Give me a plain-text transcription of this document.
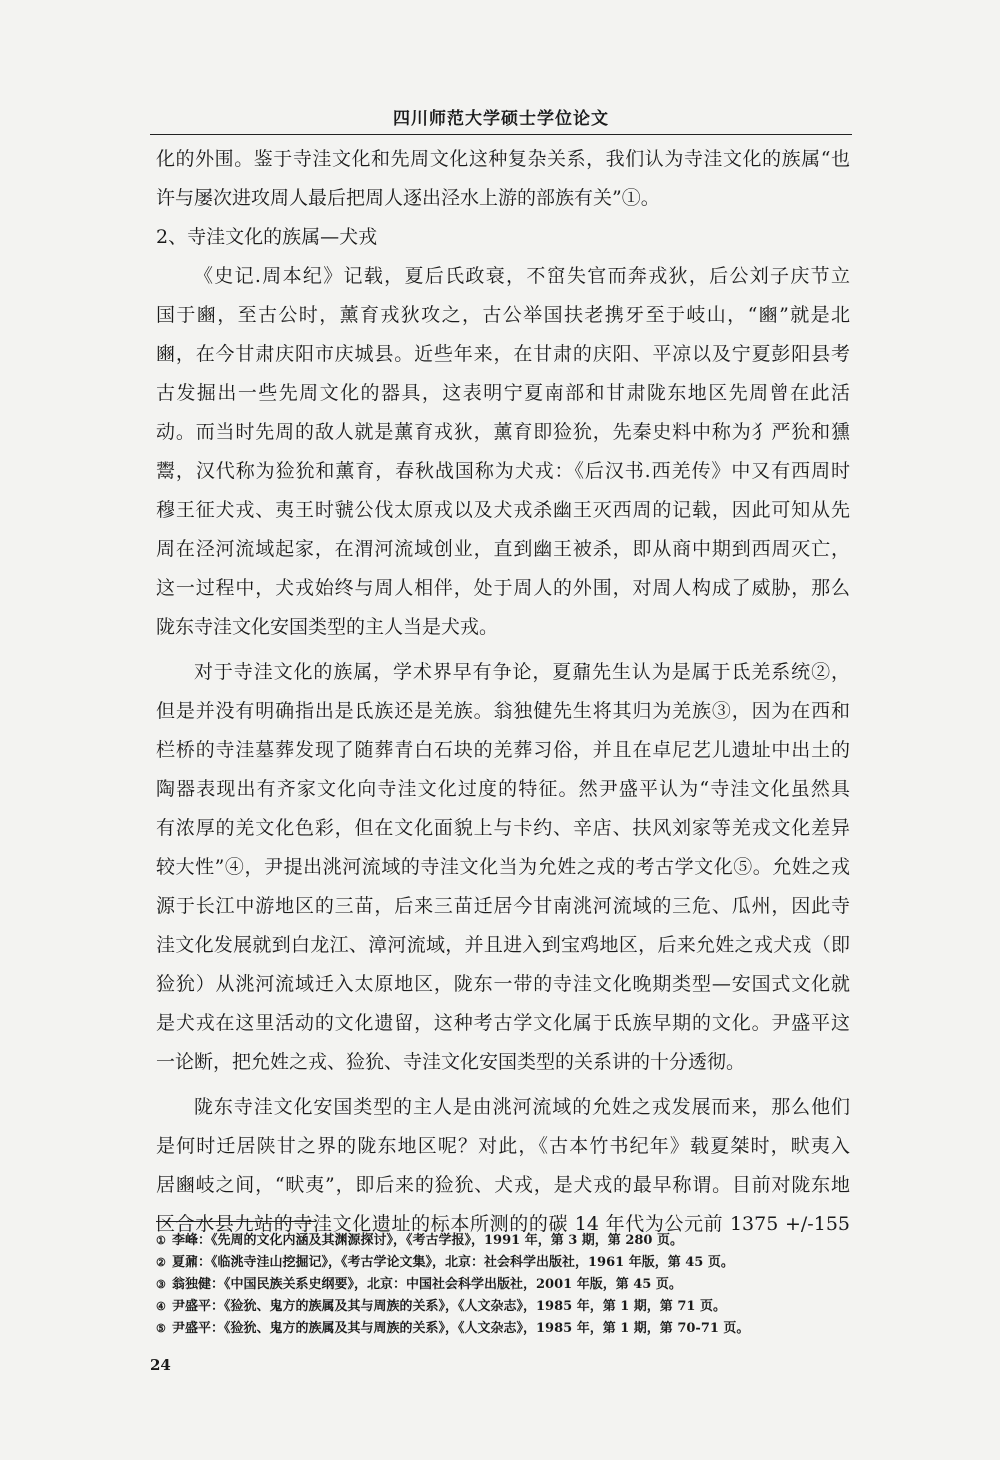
四川师范大学硕士学位论文
化的外围。鉴于寺洼文化和先周文化这种复杂关系，我们认为寺洼文化的族属“也
许与屡次进攻周人最后把周人逐出泾水上游的部族有关”①。
2、寺洼文化的族属—犬戎
《史记.周本纪》记载，夏后氏政衰，不窋失官而奔戎狄，后公刘子庆节立
国于豳，至古公时，薰育戎狄攻之，古公举国扶老携牙至于岐山，“豳”就是北
豳，在今甘肃庆阳市庆城县。近些年来，在甘肃的庆阳、平凉以及宁夏彭阳县考
古发掘出一些先周文化的器具，这表明宁夏南部和甘肃陇东地区先周曾在此活
动。而当时先周的敌人就是薰育戎狄，薰育即猃狁，先秦史料中称为犭严狁和獯
鬻，汉代称为猃狁和薰育，春秋战国称为犬戎：《后汉书.西羌传》中又有西周时
穆王征犬戎、夷王时虢公伐太原戎以及犬戎杀幽王灭西周的记载，因此可知从先
周在泾河流域起家，在渭河流域创业，直到幽王被杀，即从商中期到西周灭亡，
这一过程中，犬戎始终与周人相伴，处于周人的外围，对周人构成了威胁，那么
陇东寺洼文化安国类型的主人当是犬戎。
对于寺洼文化的族属，学术界早有争论，夏鼐先生认为是属于氐羌系统②，
但是并没有明确指出是氐族还是羌族。翁独健先生将其归为羌族③，因为在西和
栏桥的寺洼墓葬发现了随葬青白石块的羌葬习俗，并且在卓尼艺儿遗址中出土的
陶器表现出有齐家文化向寺洼文化过度的特征。然尹盛平认为“寺洼文化虽然具
有浓厚的羌文化色彩，但在文化面貌上与卡约、辛店、扶风刘家等羌戎文化差异
较大性”④，尹提出洮河流域的寺洼文化当为允姓之戎的考古学文化⑤。允姓之戎
源于长江中游地区的三苗，后来三苗迁居今甘南洮河流域的三危、瓜州，因此寺
洼文化发展就到白龙江、漳河流域，并且进入到宝鸡地区，后来允姓之戎犬戎（即
猃狁）从洮河流域迁入太原地区，陇东一带的寺洼文化晚期类型—安国式文化就
是犬戎在这里活动的文化遗留，这种考古学文化属于氐族早期的文化。尹盛平这
一论断，把允姓之戎、猃狁、寺洼文化安国类型的关系讲的十分透彻。
陇东寺洼文化安国类型的主人是由洮河流域的允姓之戎发展而来，那么他们
是何时迁居陕甘之界的陇东地区呢？对此，《古本竹书纪年》载夏桀时，畎夷入
居豳岐之间，“畎夷”，即后来的猃狁、犬戎，是犬戎的最早称谓。目前对陇东地
区合水县九站的寺洼文化遗址的标本所测的的碳 14 年代为公元前 1375 +/-155
① 李峰：《先周的文化内涵及其渊源探讨》，《考古学报》，1991 年，第 3 期，第 280 页。
② 夏鼐：《临洮寺洼山挖掘记》，《考古学论文集》，北京：社会科学出版社，1961 年版，第 45 页。
③ 翁独健：《中国民族关系史纲要》，北京：中国社会科学出版社，2001 年版，第 45 页。
④ 尹盛平：《猃狁、鬼方的族属及其与周族的关系》，《人文杂志》，1985 年，第 1 期，第 71 页。
⑤ 尹盛平：《猃狁、鬼方的族属及其与周族的关系》，《人文杂志》，1985 年，第 1 期，第 70-71 页。
24
